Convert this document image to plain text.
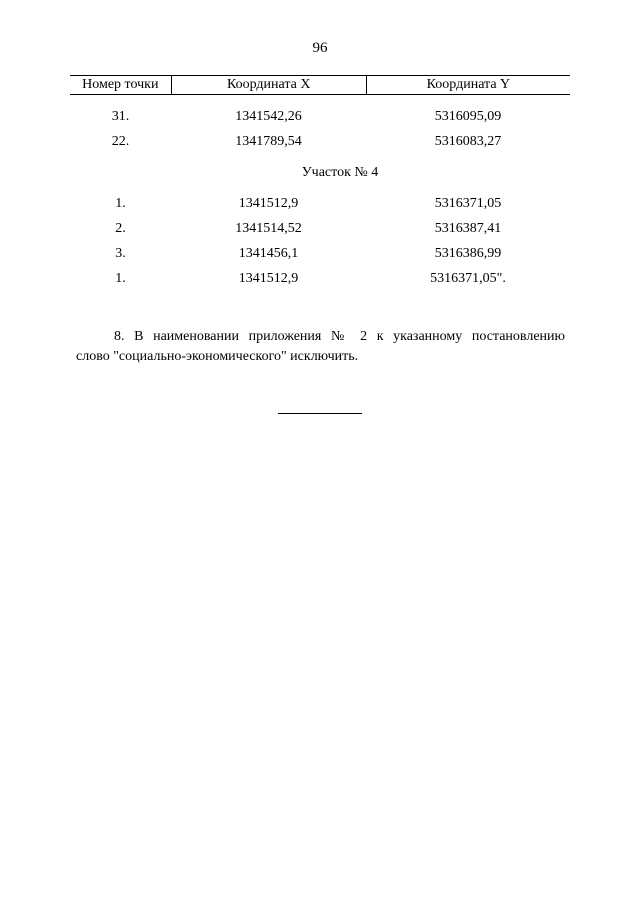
96
Номер точки	Координата X	Координата Y
31.	1341542,26	5316095,09
22.	1341789,54	5316083,27
Участок № 4
1.	1341512,9	5316371,05
2.	1341514,52	5316387,41
3.	1341456,1	5316386,99
1.	1341512,9	5316371,05".
8. В наименовании приложения № 2 к указанному постановлению
слово "социально-экономического" исключить.
